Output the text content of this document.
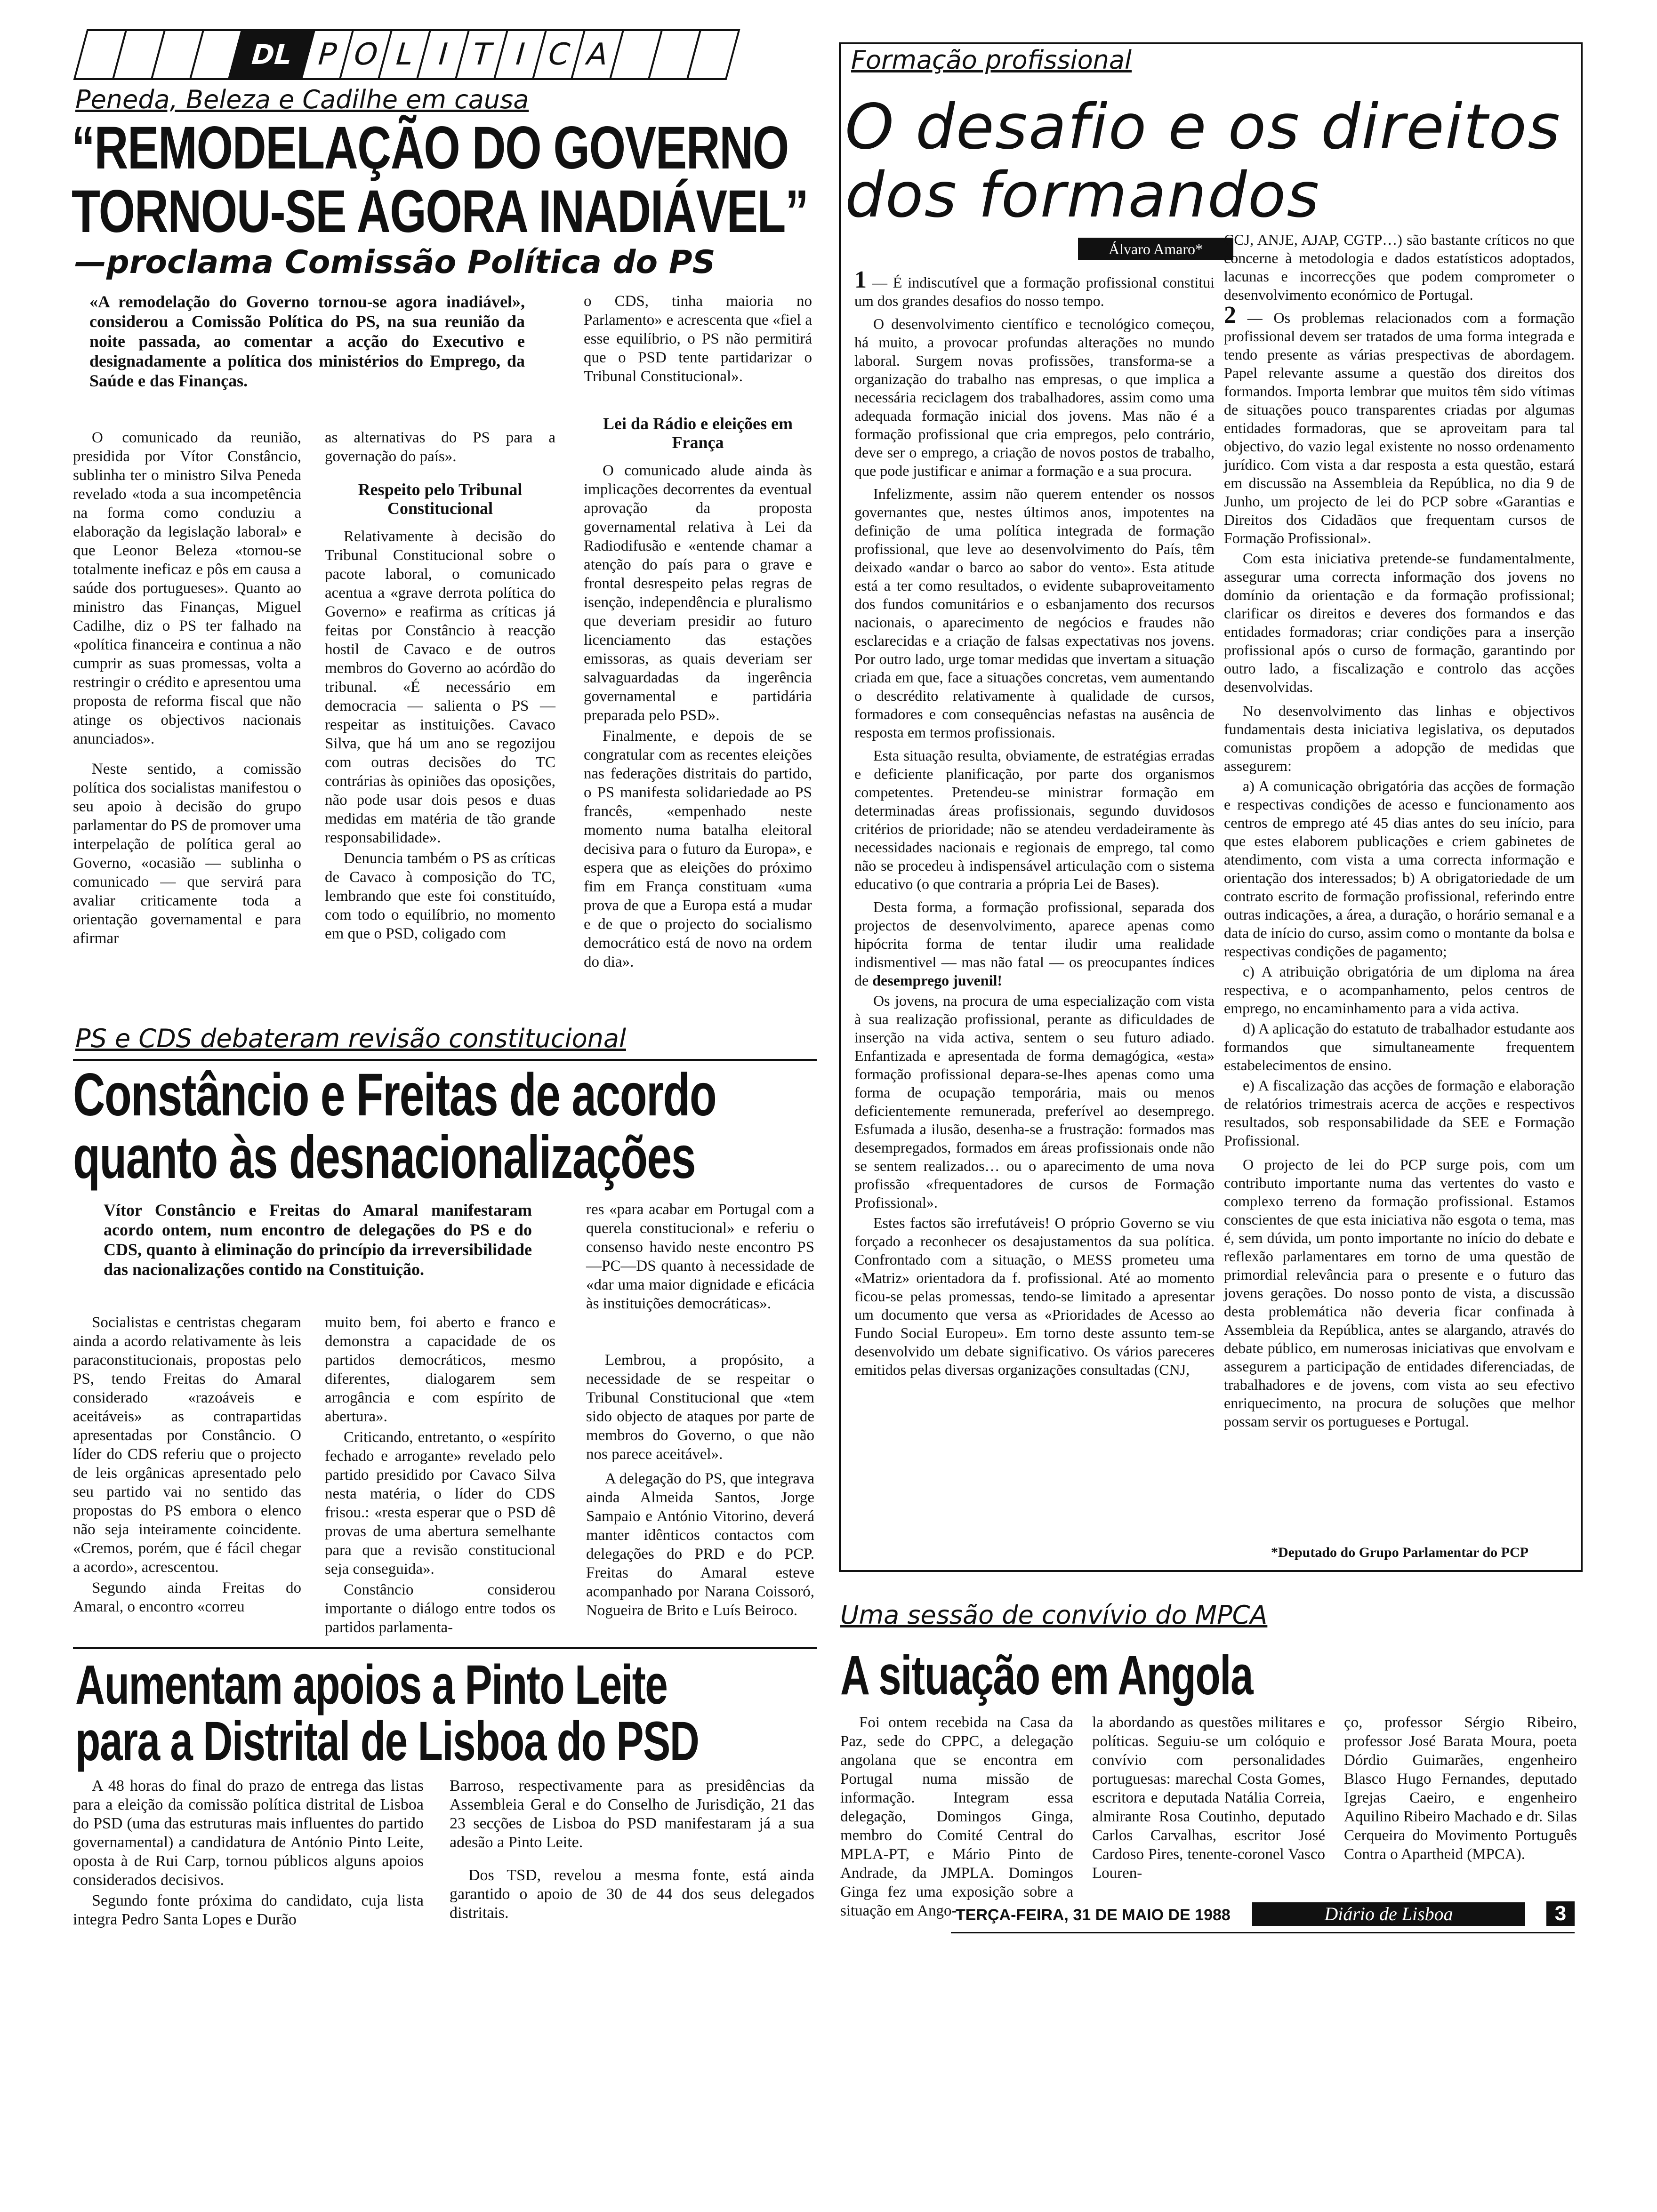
DL P O L I T I C A
Peneda, Beleza e Cadilhe em causa
“REMODELAÇÃO DO GOVERNO
TORNOU-SE AGORA INADIÁVEL”
—proclama Comissão Política do PS
«A remodelação do Governo tornou-se agora inadiável», considerou a Comissão Política do PS, na sua reunião da noite passada, ao comentar a acção do Executivo e designadamente a política dos ministérios do Emprego, da Saúde e das Finanças.

o CDS, tinha maioria no Parlamento» e acrescenta que «fiel a esse equilíbrio, o PS não permitirá que o PSD tente partidarizar o Tribunal Constitucional».

O comunicado da reunião, presidida por Vítor Constâncio, sublinha ter o ministro Silva Peneda revelado «toda a sua incompetência na forma como conduziu a elaboração da legislação laboral» e que Leonor Beleza «tornou-se totalmente ineficaz e pôs em causa a saúde dos portugueses». Quanto ao ministro das Finanças, Miguel Cadilhe, diz o PS ter falhado na «política financeira e continua a não cumprir as suas promessas, volta a restringir o crédito e apresentou uma proposta de reforma fiscal que não atinge os objectivos nacionais anunciados».

Neste sentido, a comissão política dos socialistas manifestou o seu apoio à decisão do grupo parlamentar do PS de promover uma interpelação de política geral ao Governo, «ocasião — sublinha o comunicado — que servirá para avaliar criticamente toda a orientação governamental e para afirmar

as alternativas do PS para a governação do país».

Respeito pelo Tribunal Constitucional

Relativamente à decisão do Tribunal Constitucional sobre o pacote laboral, o comunicado acentua a «grave derrota política do Governo» e reafirma as críticas já feitas por Constâncio à reacção hostil de Cavaco e de outros membros do Governo ao acórdão do tribunal. «É necessário em democracia — salienta o PS — respeitar as instituições. Cavaco Silva, que há um ano se regozijou com outras decisões do TC contrárias às opiniões das oposições, não pode usar dois pesos e duas medidas em matéria de tão grande responsabilidade».

Denuncia também o PS as críticas de Cavaco à composição do TC, lembrando que este foi constituído, com todo o equilíbrio, no momento em que o PSD, coligado com

Lei da Rádio e eleições em França

O comunicado alude ainda às implicações decorrentes da eventual aprovação da proposta governamental relativa à Lei da Radiodifusão e «entende chamar a atenção do país para o grave e frontal desrespeito pelas regras de isenção, independência e pluralismo que deveriam presidir ao futuro licenciamento das estações emissoras, as quais deveriam ser salvaguardadas da ingerência governamental e partidária preparada pelo PSD».

Finalmente, e depois de se congratular com as recentes eleições nas federações distritais do partido, o PS manifesta solidariedade ao PS francês, «empenhado neste momento numa batalha eleitoral decisiva para o futuro da Europa», e espera que as eleições do próximo fim em França constituam «uma prova de que a Europa está a mudar e de que o projecto do socialismo democrático está de novo na ordem do dia».

PS e CDS debateram revisão constitucional
Constâncio e Freitas de acordo
quanto às desnacionalizações
Vítor Constâncio e Freitas do Amaral manifestaram acordo ontem, num encontro de delegações do PS e do CDS, quanto à eliminação do princípio da irreversibilidade das nacionalizações contido na Constituição.

res «para acabar em Portugal com a querela constitucional» e referiu o consenso havido neste encontro PS—PC—DS quanto à necessidade de «dar uma maior dignidade e eficácia às instituições democráticas».

Socialistas e centristas chegaram ainda a acordo relativamente às leis paraconstitucionais, propostas pelo PS, tendo Freitas do Amaral considerado «razoáveis e aceitáveis» as contrapartidas apresentadas por Constâncio. O líder do CDS referiu que o projecto de leis orgânicas apresentado pelo seu partido vai no sentido das propostas do PS embora o elenco não seja inteiramente coincidente. «Cremos, porém, que é fácil chegar a acordo», acrescentou.

Segundo ainda Freitas do Amaral, o encontro «correu

muito bem, foi aberto e franco e demonstra a capacidade de os partidos democráticos, mesmo diferentes, dialogarem sem arrogância e com espírito de abertura».

Criticando, entretanto, o «espírito fechado e arrogante» revelado pelo partido presidido por Cavaco Silva nesta matéria, o líder do CDS frisou.: «resta esperar que o PSD dê provas de uma abertura semelhante para que a revisão constitucional seja conseguida».

Constâncio considerou importante o diálogo entre todos os partidos parlamenta-

Lembrou, a propósito, a necessidade de se respeitar o Tribunal Constitucional que «tem sido objecto de ataques por parte de membros do Governo, o que não nos parece aceitável».

A delegação do PS, que integrava ainda Almeida Santos, Jorge Sampaio e António Vitorino, deverá manter idênticos contactos com delegações do PRD e do PCP. Freitas do Amaral esteve acompanhado por Narana Coissoró, Nogueira de Brito e Luís Beiroco.

Aumentam apoios a Pinto Leite
para a Distrital de Lisboa do PSD

A 48 horas do final do prazo de entrega das listas para a eleição da comissão política distrital de Lisboa do PSD (uma das estruturas mais influentes do partido governamental) a candidatura de António Pinto Leite, oposta à de Rui Carp, tornou públicos alguns apoios considerados decisivos.

Segundo fonte próxima do candidato, cuja lista integra Pedro Santa Lopes e Durão

Barroso, respectivamente para as presidências da Assembleia Geral e do Conselho de Jurisdição, 21 das 23 secções de Lisboa do PSD manifestaram já a sua adesão a Pinto Leite.

Dos TSD, revelou a mesma fonte, está ainda garantido o apoio de 30 de 44 dos seus delegados distritais.

Formação profissional
O desafio e os direitos
dos formandos
Álvaro Amaro*

1 — É indiscutível que a formação profissional constitui um dos grandes desafios do nosso tempo.

O desenvolvimento científico e tecnológico começou, há muito, a provocar profundas alterações no mundo laboral. Surgem novas profissões, transforma-se a organização do trabalho nas empresas, o que implica a necessária reciclagem dos trabalhadores, assim como uma adequada formação inicial dos jovens. Mas não é a formação profissional que cria empregos, pelo contrário, deve ser o emprego, a criação de novos postos de trabalho, que pode justificar e animar a formação e a sua procura.

Infelizmente, assim não querem entender os nossos governantes que, nestes últimos anos, impotentes na definição de uma política integrada de formação profissional, que leve ao desenvolvimento do País, têm deixado «andar o barco ao sabor do vento». Esta atitude está a ter como resultados, o evidente subaproveitamento dos fundos comunitários e o esbanjamento dos recursos nacionais, o aparecimento de negócios e fraudes não esclarecidas e a criação de falsas expectativas nos jovens. Por outro lado, urge tomar medidas que invertam a situação criada em que, face a situações concretas, vem aumentando o descrédito relativamente à qualidade de cursos, formadores e com consequências nefastas na ausência de resposta em termos profissionais.

Esta situação resulta, obviamente, de estratégias erradas e deficiente planificação, por parte dos organismos competentes. Pretendeu-se ministrar formação em determinadas áreas profissionais, segundo duvidosos critérios de prioridade; não se atendeu verdadeiramente às necessidades nacionais e regionais de emprego, tal como não se procedeu à indispensável articulação com o sistema educativo (o que contraria a própria Lei de Bases).

Desta forma, a formação profissional, separada dos projectos de desenvolvimento, aparece apenas como hipócrita forma de tentar iludir uma realidade indismentivel — mas não fatal — os preocupantes índices de desemprego juvenil!

Os jovens, na procura de uma especialização com vista à sua realização profissional, perante as dificuldades de inserção na vida activa, sentem o seu futuro adiado. Enfantizada e apresentada de forma demagógica, «esta» formação profissional depara-se-lhes apenas como uma forma de ocupação temporária, mais ou menos deficientemente remunerada, preferível ao desemprego. Esfumada a ilusão, desenha-se a frustração: formados mas desempregados, formados em áreas profissionais onde não se sentem realizados… ou o aparecimento de uma nova profissão «frequentadores de cursos de Formação Profissional».

Estes factos são irrefutáveis! O próprio Governo se viu forçado a reconhecer os desajustamentos da sua política. Confrontado com a situação, o MESS prometeu uma «Matriz» orientadora da f. profissional. Até ao momento ficou-se pelas promessas, tendo-se limitado a apresentar um documento que versa as «Prioridades de Acesso ao Fundo Social Europeu». Em torno deste assunto tem-se desenvolvido um debate significativo. Os vários pareceres emitidos pelas diversas organizações consultadas (CNJ,

CCJ, ANJE, AJAP, CGTP…) são bastante críticos no que concerne à metodologia e dados estatísticos adoptados, lacunas e incorrecções que podem comprometer o desenvolvimento económico de Portugal.

2 — Os problemas relacionados com a formação profissional devem ser tratados de uma forma integrada e tendo presente as várias prespectivas de abordagem. Papel relevante assume a questão dos direitos dos formandos. Importa lembrar que muitos têm sido vítimas de situações pouco transparentes criadas por algumas entidades formadoras, que se aproveitam para tal objectivo, do vazio legal existente no nosso ordenamento jurídico. Com vista a dar resposta a esta questão, estará em discussão na Assembleia da República, no dia 9 de Junho, um projecto de lei do PCP sobre «Garantias e Direitos dos Cidadãos que frequentam cursos de Formação Profissional».

Com esta iniciativa pretende-se fundamentalmente, assegurar uma correcta informação dos jovens no domínio da orientação e da formação profissional; clarificar os direitos e deveres dos formandos e das entidades formadoras; criar condições para a inserção profissional após o curso de formação, garantindo por outro lado, a fiscalização e controlo das acções desenvolvidas.

No desenvolvimento das linhas e objectivos fundamentais desta iniciativa legislativa, os deputados comunistas propõem a adopção de medidas que assegurem:

a) A comunicação obrigatória das acções de formação e respectivas condições de acesso e funcionamento aos centros de emprego até 45 dias antes do seu início, para que estes elaborem publicações e criem gabinetes de atendimento, com vista a uma correcta informação e orientação dos interessados; b) A obrigatoriedade de um contrato escrito de formação profissional, referindo entre outras indicações, a área, a duração, o horário semanal e a data de início do curso, assim como o montante da bolsa e respectivas condições de pagamento;

c) A atribuição obrigatória de um diploma na área respectiva, e o acompanhamento, pelos centros de emprego, no encaminhamento para a vida activa.

d) A aplicação do estatuto de trabalhador estudante aos formandos que simultaneamente frequentem estabelecimentos de ensino.

e) A fiscalização das acções de formação e elaboração de relatórios trimestrais acerca de acções e respectivos resultados, sob responsabilidade da SEE e Formação Profissional.

O projecto de lei do PCP surge pois, com um contributo importante numa das vertentes do vasto e complexo terreno da formação profissional. Estamos conscientes de que esta iniciativa não esgota o tema, mas é, sem dúvida, um ponto importante no início do debate e reflexão parlamentares em torno de uma questão de primordial relevância para o presente e o futuro das jovens gerações. Do nosso ponto de vista, a discussão desta problemática não deveria ficar confinada à Assembleia da República, antes se alargando, através do debate público, em numerosas iniciativas que envolvam e assegurem a participação de entidades diferenciadas, de trabalhadores e de jovens, com vista ao seu efectivo enriquecimento, na procura de soluções que melhor possam servir os portugueses e Portugal.

*Deputado do Grupo Parlamentar do PCP
Uma sessão de convívio do MPCA
A situação em Angola

Foi ontem recebida na Casa da Paz, sede do CPPC, a delegação angolana que se encontra em Portugal numa missão de informação. Integram essa delegação, Domingos Ginga, membro do Comité Central do MPLA-PT, e Mário Pinto de Andrade, da JMPLA. Domingos Ginga fez uma exposição sobre a situação em Ango-

la abordando as questões militares e políticas. Seguiu-se um colóquio e convívio com personalidades portuguesas: marechal Costa Gomes, escritora e deputada Natália Correia, almirante Rosa Coutinho, deputado Carlos Carvalhas, escritor José Cardoso Pires, tenente-coronel Vasco Louren-

ço, professor Sérgio Ribeiro, professor José Barata Moura, poeta Dórdio Guimarães, engenheiro Blasco Hugo Fernandes, deputado Igrejas Caeiro, e engenheiro Aquilino Ribeiro Machado e dr. Silas Cerqueira do Movimento Português Contra o Apartheid (MPCA).

TERÇA-FEIRA, 31 DE MAIO DE 1988	Diário de Lisboa	3
